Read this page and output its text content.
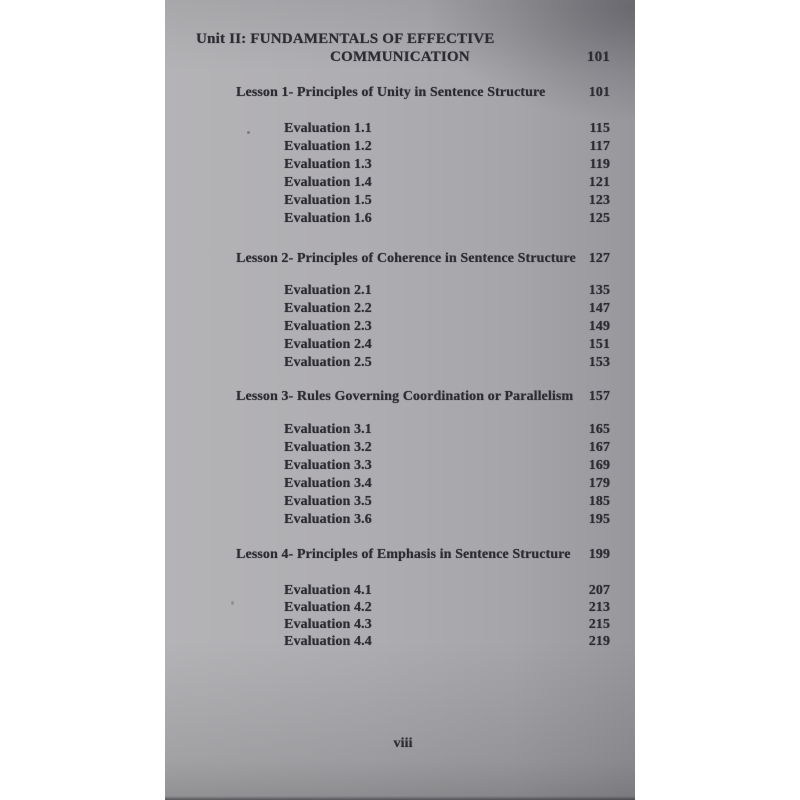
Unit II: FUNDAMENTALS OF EFFECTIVE
COMMUNICATION	101
Lesson 1- Principles of Unity in Sentence Structure	101
Evaluation 1.1	115
Evaluation 1.2	117
Evaluation 1.3	119
Evaluation 1.4	121
Evaluation 1.5	123
Evaluation 1.6	125
Lesson 2- Principles of Coherence in Sentence Structure 127
Evaluation 2.1	135
Evaluation 2.2	147
Evaluation 2.3	149
Evaluation 2.4	151
Evaluation 2.5	153
Lesson 3- Rules Governing Coordination or Parallelism 157
Evaluation 3.1	165
Evaluation 3.2	167
Evaluation 3.3	169
Evaluation 3.4	179
Evaluation 3.5	185
Evaluation 3.6	195
Lesson 4- Principles of Emphasis in Sentence Structure 199
Evaluation 4.1	207
Evaluation 4.2	213
Evaluation 4.3	215
Evaluation 4.4	219
viii
